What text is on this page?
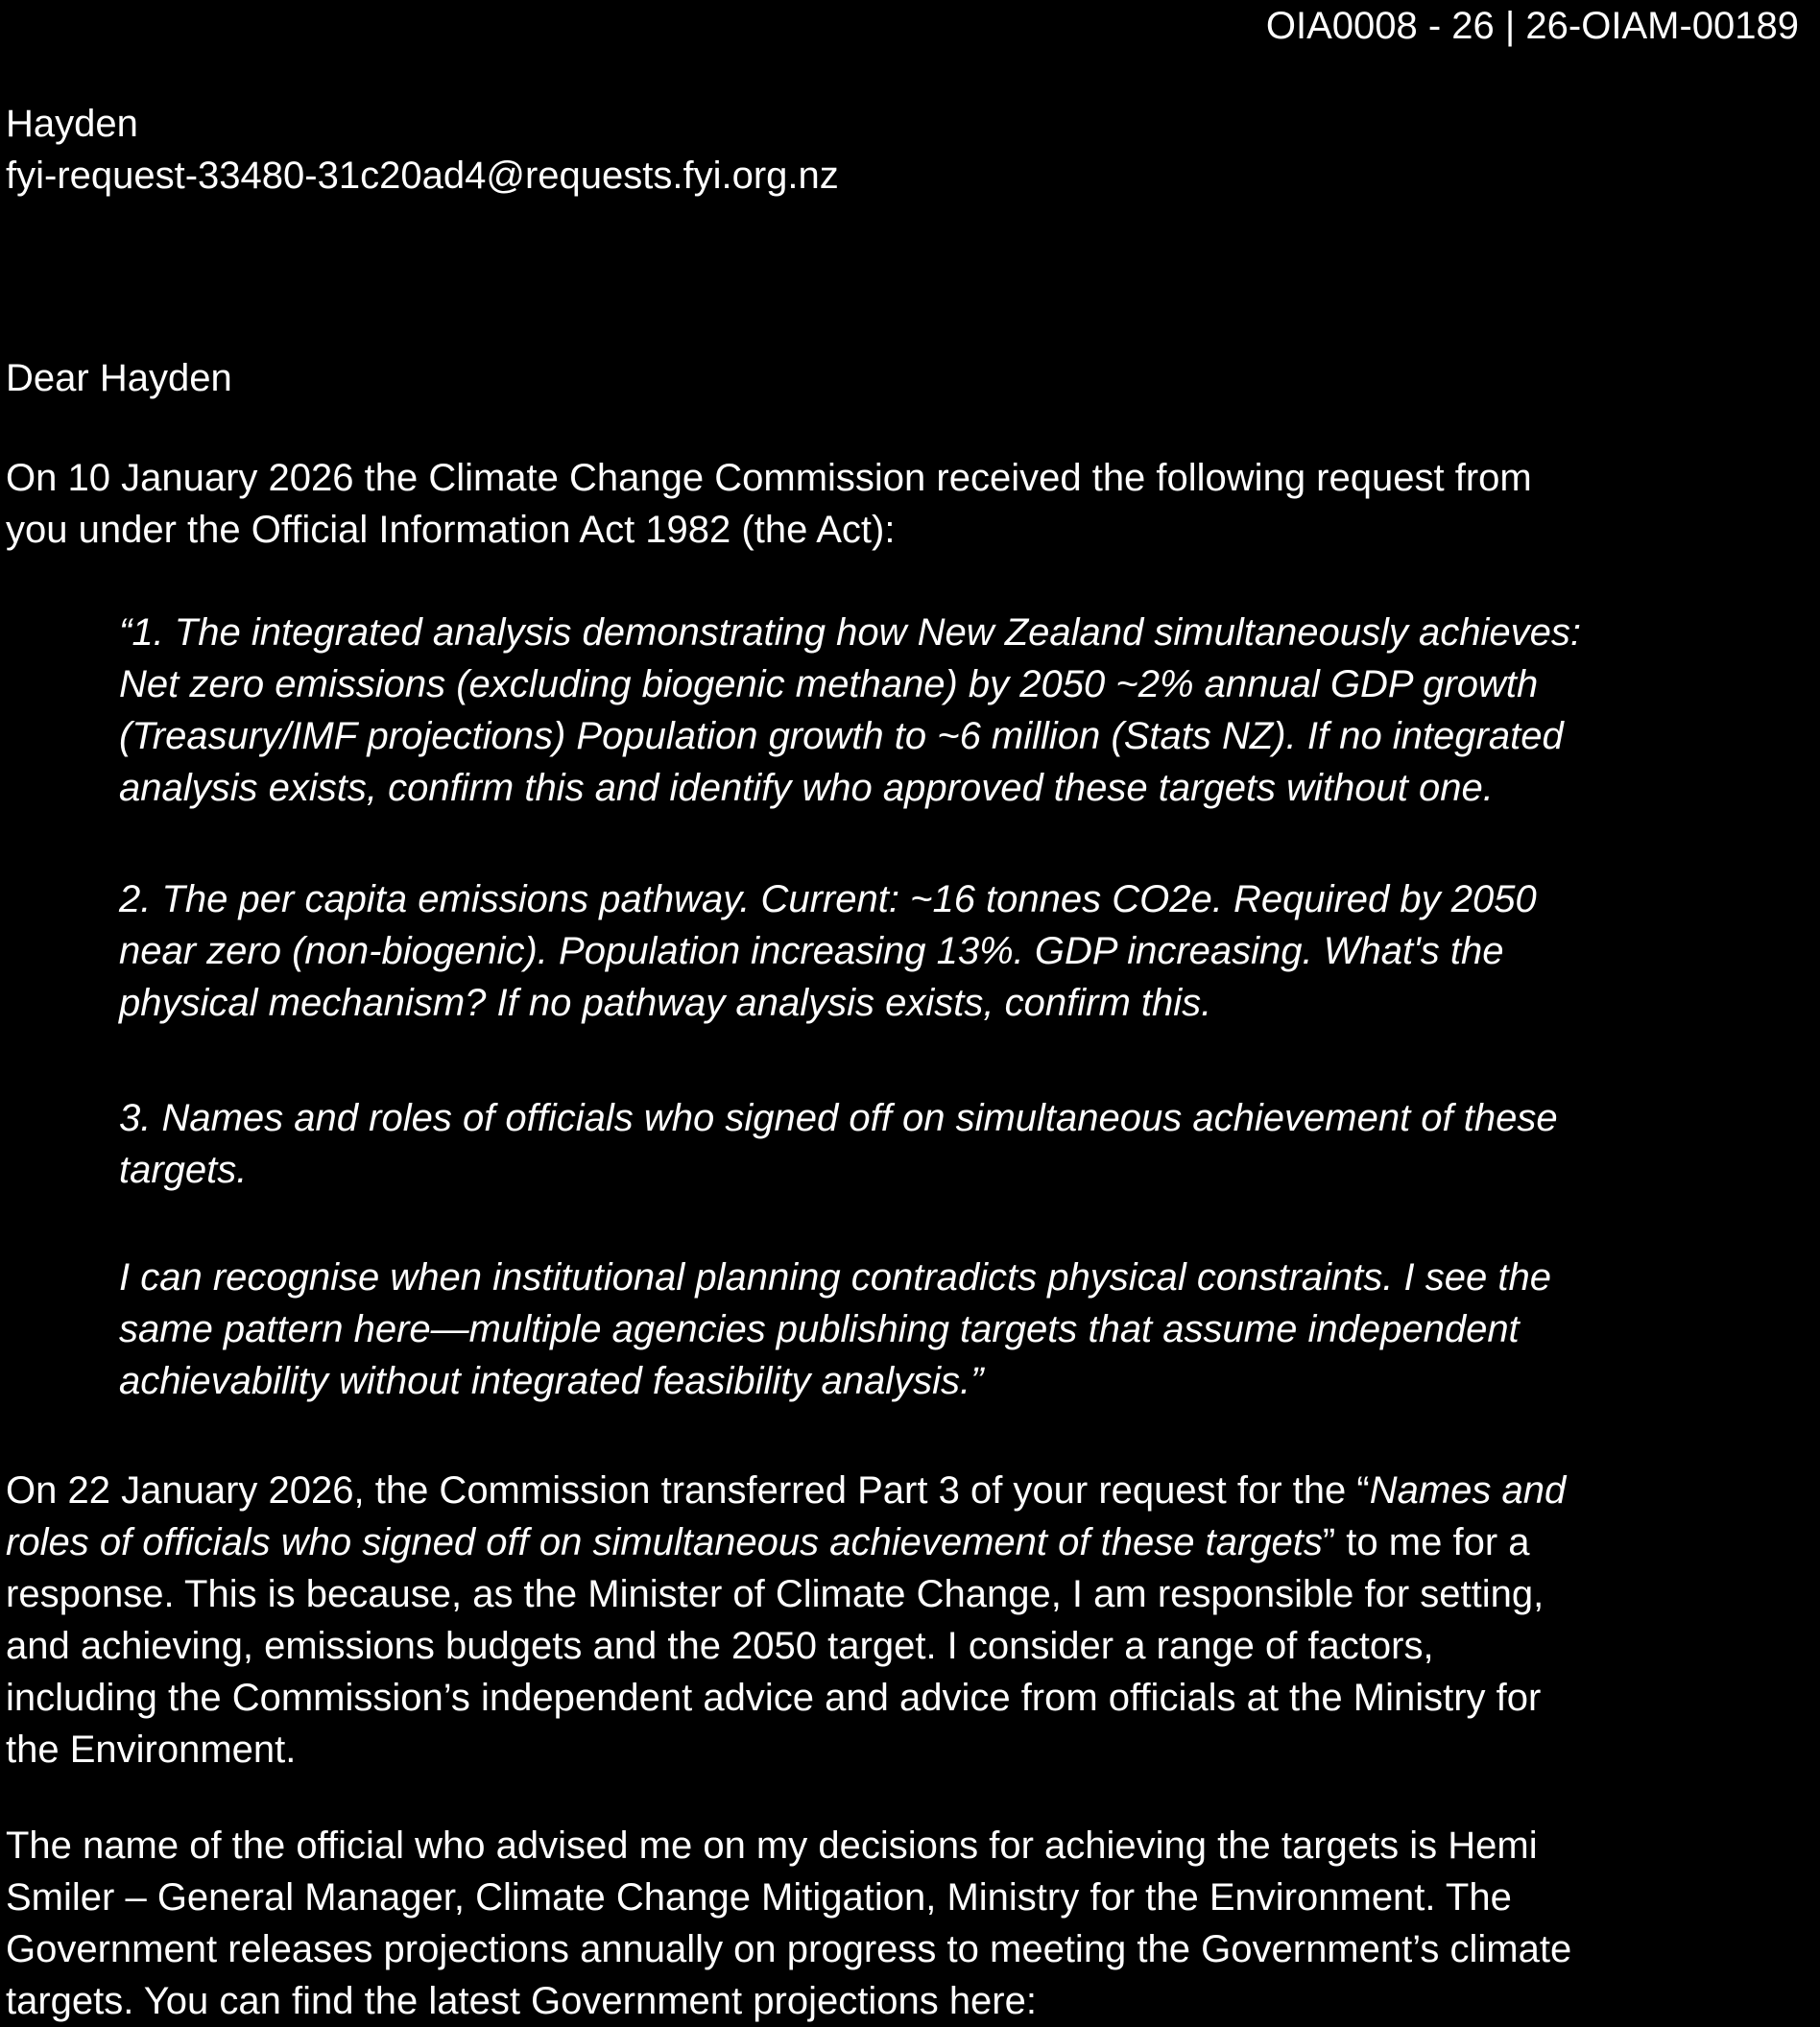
OIA0008 - 26 | 26-OIAM-00189
Hayden
fyi-request-33480-31c20ad4@requests.fyi.org.nz
Dear Hayden
On 10 January 2026 the Climate Change Commission received the following request from
you under the Official Information Act 1982 (the Act):
“1. The integrated analysis demonstrating how New Zealand simultaneously achieves:
Net zero emissions (excluding biogenic methane) by 2050 ~2% annual GDP growth
(Treasury/IMF projections) Population growth to ~6 million (Stats NZ). If no integrated
analysis exists, confirm this and identify who approved these targets without one.
2. The per capita emissions pathway. Current: ~16 tonnes CO2e. Required by 2050
near zero (non-biogenic). Population increasing 13%. GDP increasing. What's the
physical mechanism? If no pathway analysis exists, confirm this.
3. Names and roles of officials who signed off on simultaneous achievement of these
targets.
I can recognise when institutional planning contradicts physical constraints. I see the
same pattern here—multiple agencies publishing targets that assume independent
achievability without integrated feasibility analysis.”
On 22 January 2026, the Commission transferred Part 3 of your request for the “Names and
roles of officials who signed off on simultaneous achievement of these targets” to me for a
response. This is because, as the Minister of Climate Change, I am responsible for setting,
and achieving, emissions budgets and the 2050 target. I consider a range of factors,
including the Commission’s independent advice and advice from officials at the Ministry for
the Environment.
The name of the official who advised me on my decisions for achieving the targets is Hemi
Smiler – General Manager, Climate Change Mitigation, Ministry for the Environment. The
Government releases projections annually on progress to meeting the Government’s climate
targets. You can find the latest Government projections here:
